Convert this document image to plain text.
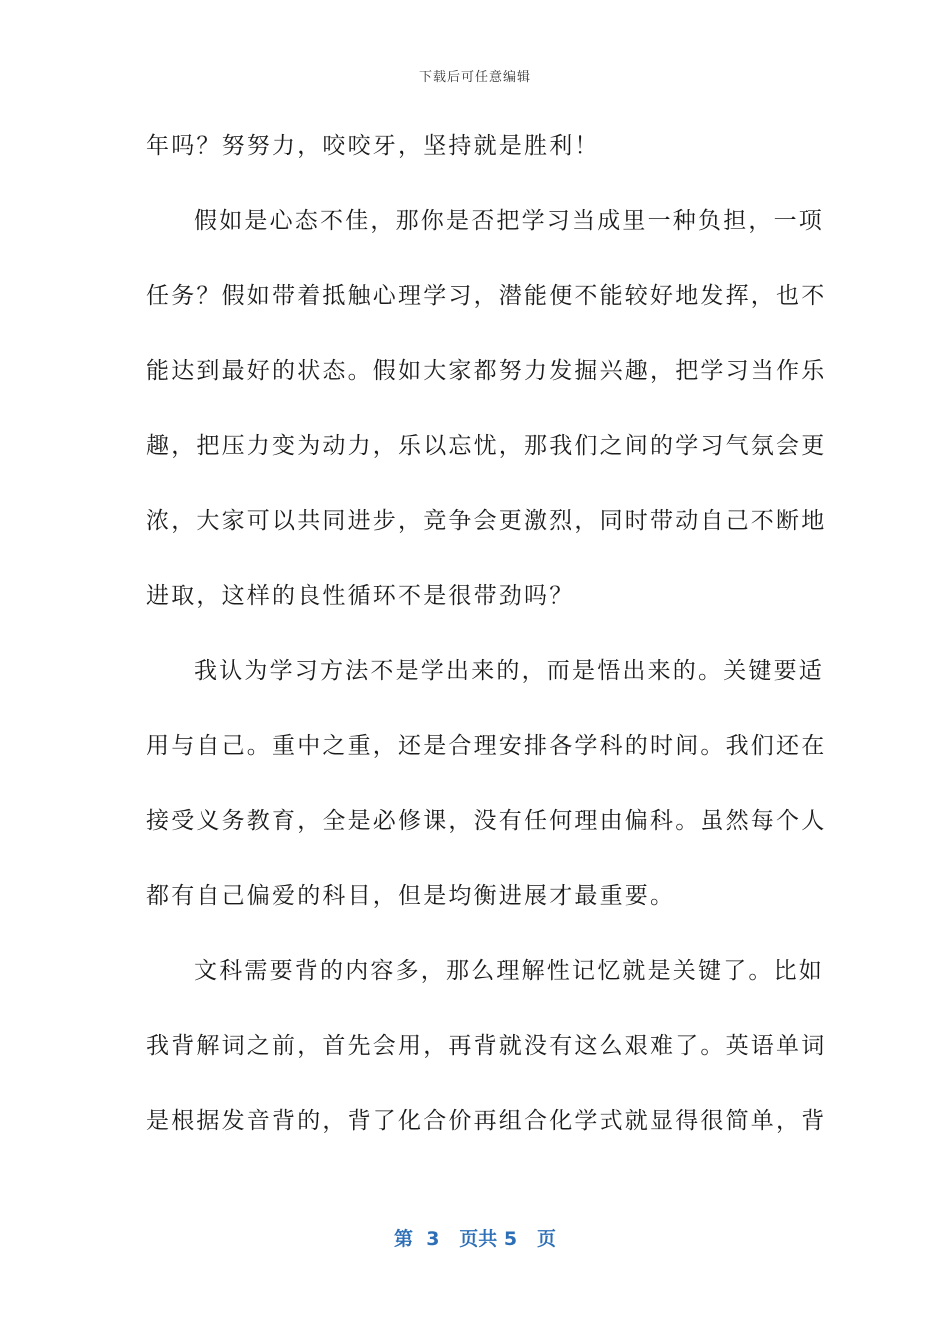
下载后可任意编辑
年吗？努努力，咬咬牙，坚持就是胜利！
假如是心态不佳，那你是否把学习当成里一种负担，一项
任务？假如带着抵触心理学习，潜能便不能较好地发挥，也不
能达到最好的状态。假如大家都努力发掘兴趣，把学习当作乐
趣，把压力变为动力，乐以忘忧，那我们之间的学习气氛会更
浓，大家可以共同进步，竞争会更激烈，同时带动自己不断地
进取，这样的良性循环不是很带劲吗？
我认为学习方法不是学出来的，而是悟出来的。关键要适
用与自己。重中之重，还是合理安排各学科的时间。我们还在
接受义务教育，全是必修课，没有任何理由偏科。虽然每个人
都有自己偏爱的科目，但是均衡进展才最重要。
文科需要背的内容多，那么理解性记忆就是关键了。比如
我背解词之前，首先会用，再背就没有这么艰难了。英语单词
是根据发音背的，背了化合价再组合化学式就显得很简单，背
第  3   页共 5   页
